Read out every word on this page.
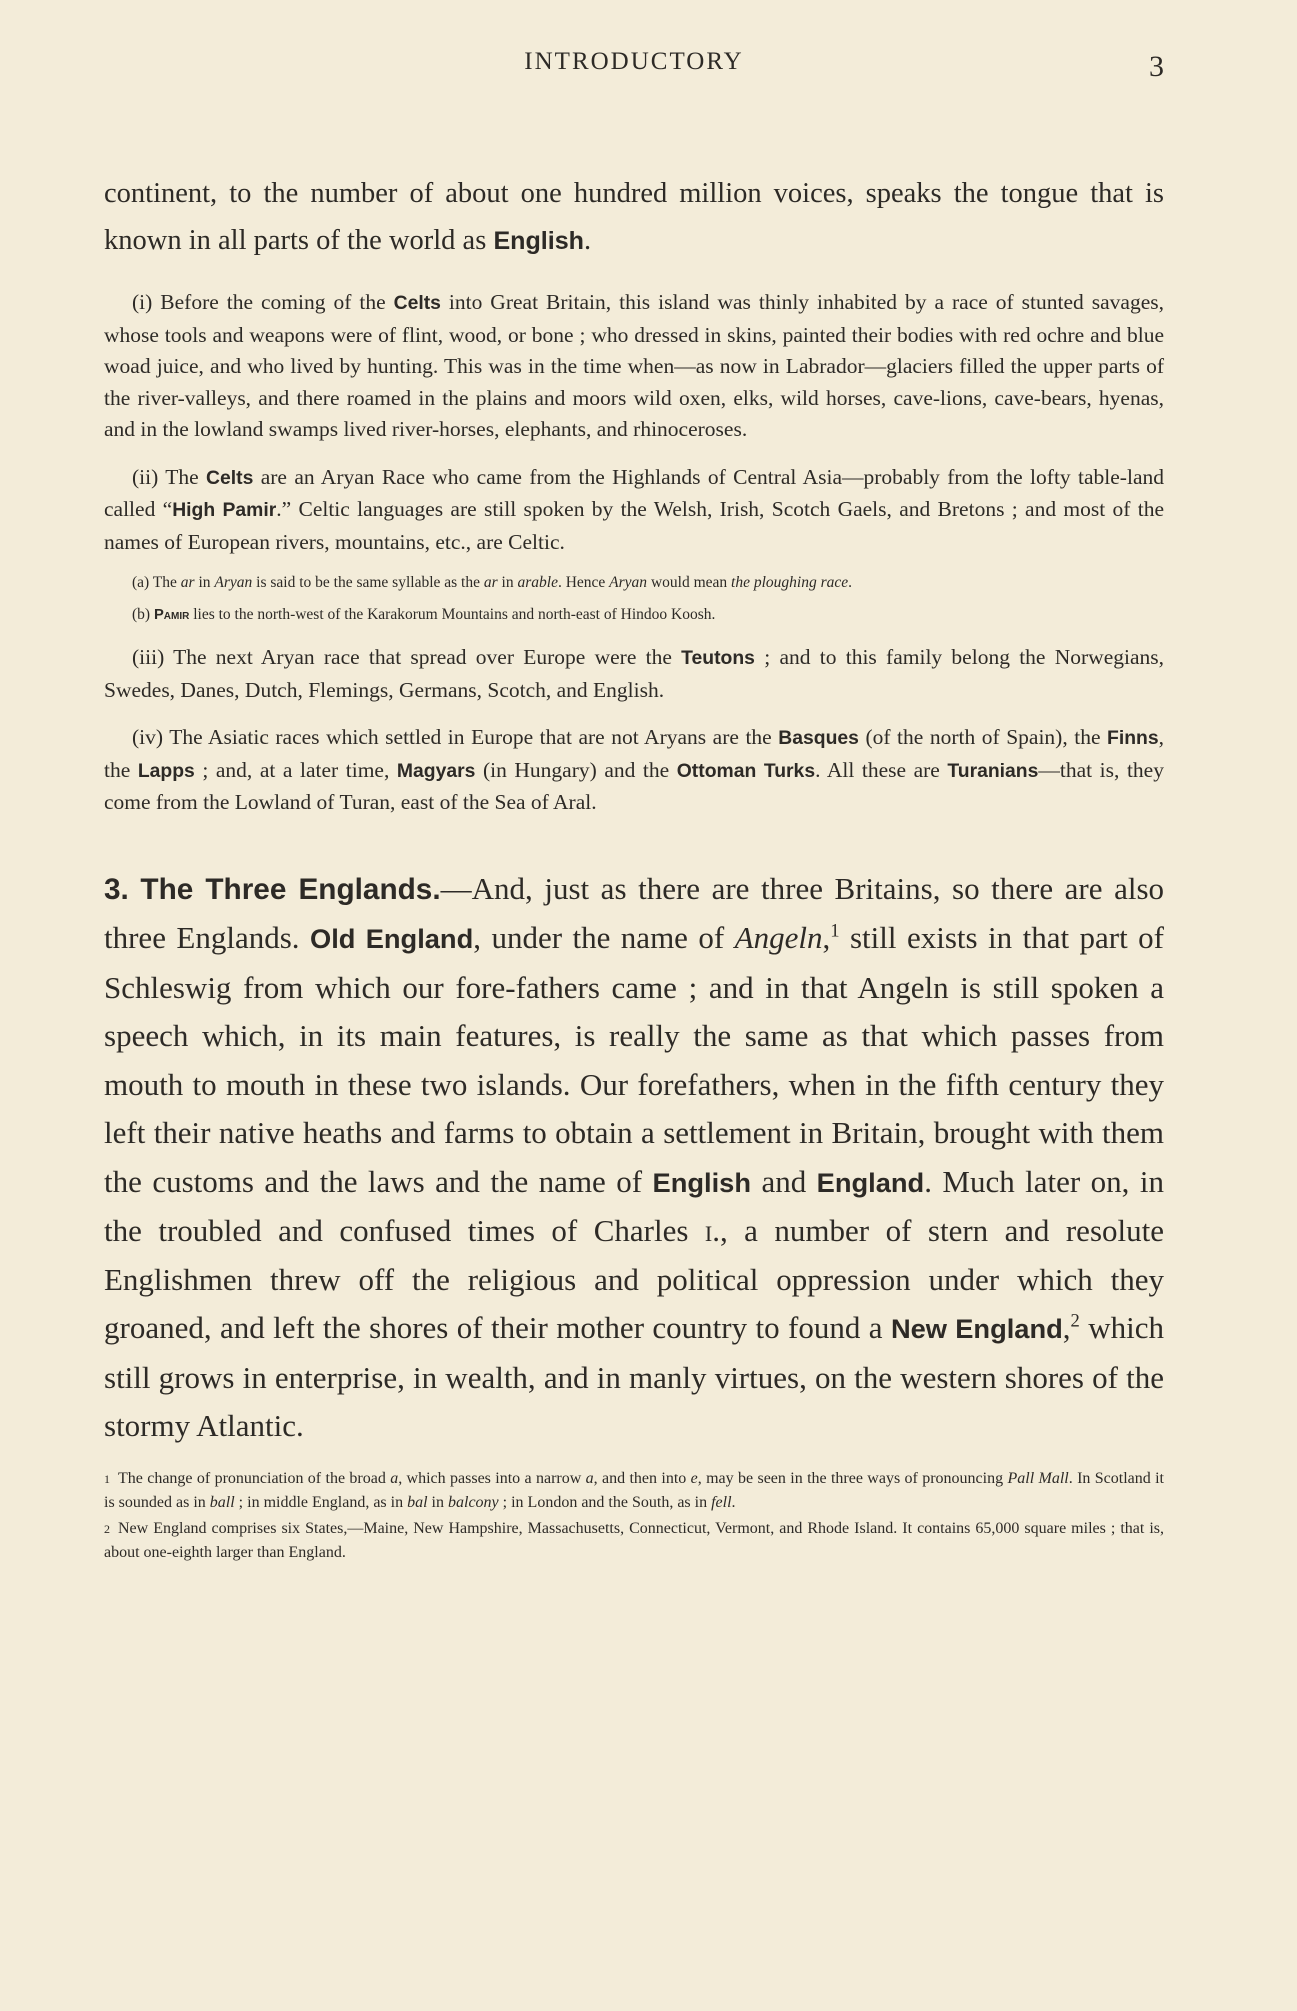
INTRODUCTORY	3

continent, to the number of about one hundred million voices, speaks the tongue that is known in all parts of the world as English.

(i) Before the coming of the Celts into Great Britain, this island was thinly inhabited by a race of stunted savages, whose tools and weapons were of flint, wood, or bone ; who dressed in skins, painted their bodies with red ochre and blue woad juice, and who lived by hunting. This was in the time when—as now in Labrador—glaciers filled the upper parts of the river-valleys, and there roamed in the plains and moors wild oxen, elks, wild horses, cave-lions, cave-bears, hyenas, and in the lowland swamps lived river-horses, elephants, and rhinoceroses.

(ii) The Celts are an Aryan Race who came from the Highlands of Central Asia—probably from the lofty table-land called “High Pamir.” Celtic languages are still spoken by the Welsh, Irish, Scotch Gaels, and Bretons ; and most of the names of European rivers, mountains, etc., are Celtic.

(a) The ar in Aryan is said to be the same syllable as the ar in arable. Hence Aryan would mean the ploughing race.

(b) Pamir lies to the north-west of the Karakorum Mountains and north-east of Hindoo Koosh.

(iii) The next Aryan race that spread over Europe were the Teutons ; and to this family belong the Norwegians, Swedes, Danes, Dutch, Flemings, Germans, Scotch, and English.

(iv) The Asiatic races which settled in Europe that are not Aryans are the Basques (of the north of Spain), the Finns, the Lapps ; and, at a later time, Magyars (in Hungary) and the Ottoman Turks. All these are Turanians—that is, they come from the Lowland of Turan, east of the Sea of Aral.

3. The Three Englands.—And, just as there are three Britains, so there are also three Englands. Old England, under the name of Angeln,$^1$ still exists in that part of Schleswig from which our fore-fathers came ; and in that Angeln is still spoken a speech which, in its main features, is really the same as that which passes from mouth to mouth in these two islands. Our forefathers, when in the fifth century they left their native heaths and farms to obtain a settlement in Britain, brought with them the customs and the laws and the name of English and England. Much later on, in the troubled and confused times of Charles i., a number of stern and resolute Englishmen threw off the religious and political oppression under which they groaned, and left the shores of their mother country to found a New England,$^2$ which still grows in enterprise, in wealth, and in manly virtues, on the western shores of the stormy Atlantic.

1 The change of pronunciation of the broad a, which passes into a narrow a, and then into e, may be seen in the three ways of pronouncing Pall Mall. In Scotland it is sounded as in ball ; in middle England, as in bal in balcony ; in London and the South, as in fell.

2 New England comprises six States,—Maine, New Hampshire, Massachusetts, Connecticut, Vermont, and Rhode Island. It contains 65,000 square miles ; that is, about one-eighth larger than England.
